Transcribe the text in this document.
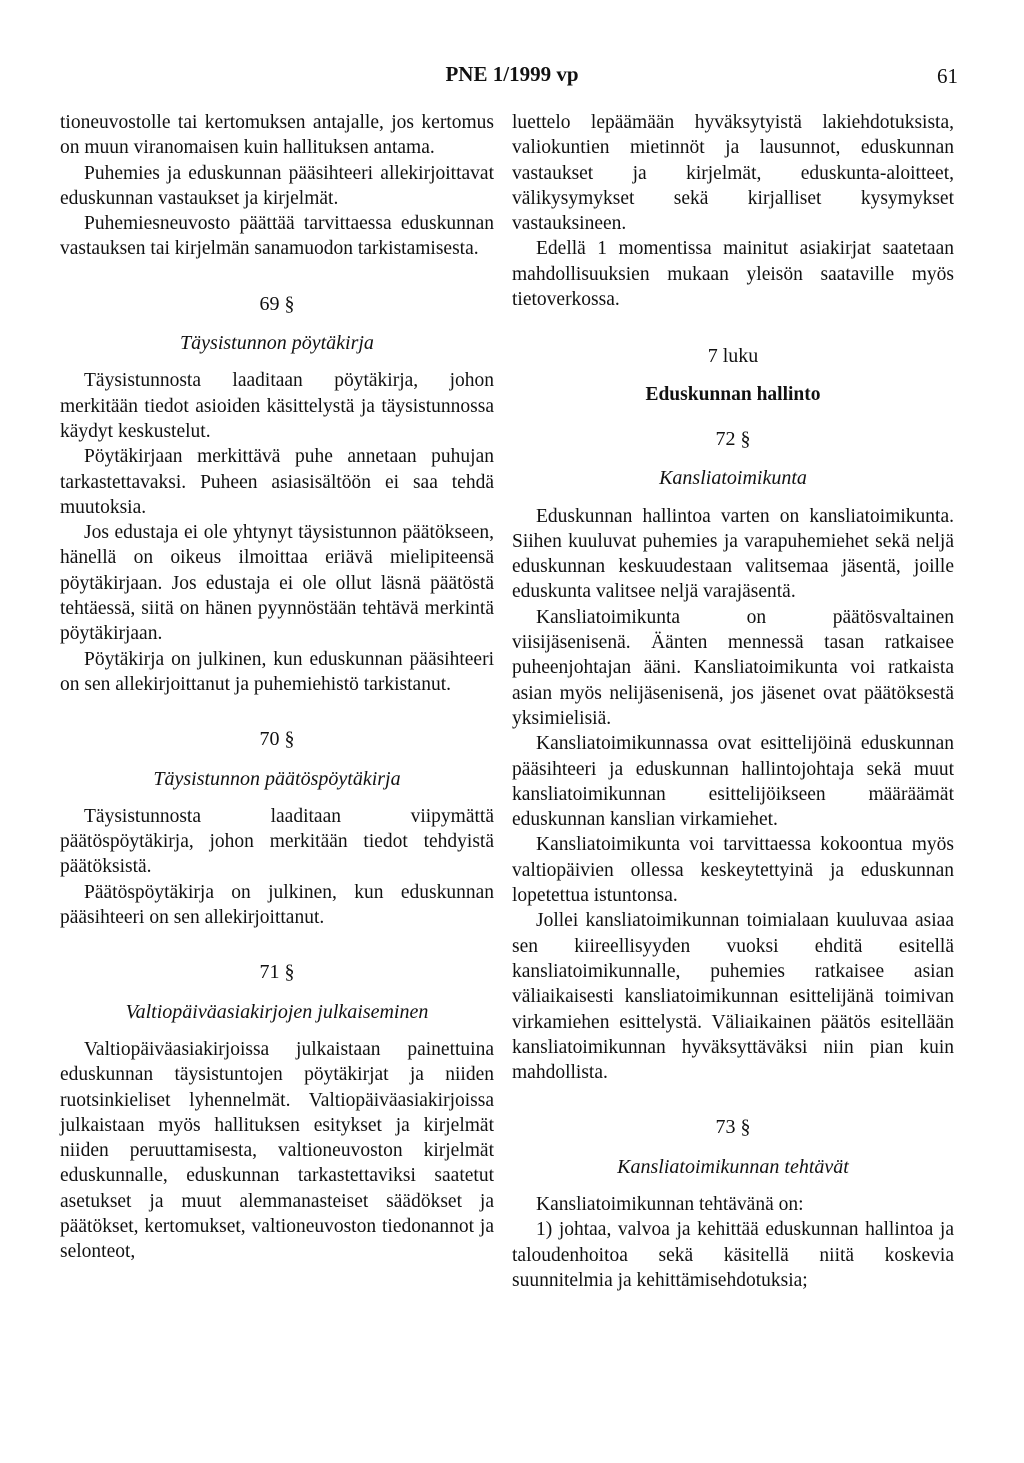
PNE 1/1999 vp	61

tioneuvostolle tai kertomuksen antajalle, jos kertomus on muun viranomaisen kuin hallituksen antama.

Puhemies ja eduskunnan pääsihteeri allekirjoittavat eduskunnan vastaukset ja kirjelmät.

Puhemiesneuvosto päättää tarvittaessa eduskunnan vastauksen tai kirjelmän sanamuodon tarkistamisesta.

69 §
Täysistunnon pöytäkirja

Täysistunnosta laaditaan pöytäkirja, johon merkitään tiedot asioiden käsittelystä ja täysistunnossa käydyt keskustelut.

Pöytäkirjaan merkittävä puhe annetaan puhujan tarkastettavaksi. Puheen asiasisältöön ei saa tehdä muutoksia.

Jos edustaja ei ole yhtynyt täysistunnon päätökseen, hänellä on oikeus ilmoittaa eriävä mielipiteensä pöytäkirjaan. Jos edustaja ei ole ollut läsnä päätöstä tehtäessä, siitä on hänen pyynnöstään tehtävä merkintä pöytäkirjaan.

Pöytäkirja on julkinen, kun eduskunnan pääsihteeri on sen allekirjoittanut ja puhemiehistö tarkistanut.

70 §
Täysistunnon päätöspöytäkirja

Täysistunnosta laaditaan viipymättä päätöspöytäkirja, johon merkitään tiedot tehdyistä päätöksistä.

Päätöspöytäkirja on julkinen, kun eduskunnan pääsihteeri on sen allekirjoittanut.

71 §
Valtiopäiväasiakirjojen julkaiseminen

Valtiopäiväasiakirjoissa julkaistaan painettuina eduskunnan täysistuntojen pöytäkirjat ja niiden ruotsinkieliset lyhennelmät. Valtiopäiväasiakirjoissa julkaistaan myös hallituksen esitykset ja kirjelmät niiden peruuttamisesta, valtioneuvoston kirjelmät eduskunnalle, eduskunnan tarkastettaviksi saatetut asetukset ja muut alemmanasteiset säädökset ja päätökset, kertomukset, valtioneuvoston tiedonannot ja selonteot,

luettelo lepäämään hyväksytyistä lakiehdotuksista, valiokuntien mietinnöt ja lausunnot, eduskunnan vastaukset ja kirjelmät, eduskunta-aloitteet, välikysymykset sekä kirjalliset kysymykset vastauksineen.

Edellä 1 momentissa mainitut asiakirjat saatetaan mahdollisuuksien mukaan yleisön saataville myös tietoverkossa.

7 luku
Eduskunnan hallinto
72 §
Kansliatoimikunta

Eduskunnan hallintoa varten on kansliatoimikunta. Siihen kuuluvat puhemies ja varapuhemiehet sekä neljä eduskunnan keskuudestaan valitsemaa jäsentä, joille eduskunta valitsee neljä varajäsentä.

Kansliatoimikunta on päätösvaltainen viisijäsenisenä. Äänten mennessä tasan ratkaisee puheenjohtajan ääni. Kansliatoimikunta voi ratkaista asian myös nelijäsenisenä, jos jäsenet ovat päätöksestä yksimielisiä.

Kansliatoimikunnassa ovat esittelijöinä eduskunnan pääsihteeri ja eduskunnan hallintojohtaja sekä muut kansliatoimikunnan esittelijöikseen määräämät eduskunnan kanslian virkamiehet.

Kansliatoimikunta voi tarvittaessa kokoontua myös valtiopäivien ollessa keskeytettyinä ja eduskunnan lopetettua istuntonsa.

Jollei kansliatoimikunnan toimialaan kuuluvaa asiaa sen kiireellisyyden vuoksi ehditä esitellä kansliatoimikunnalle, puhemies ratkaisee asian väliaikaisesti kansliatoimikunnan esittelijänä toimivan virkamiehen esittelystä. Väliaikainen päätös esitellään kansliatoimikunnan hyväksyttäväksi niin pian kuin mahdollista.

73 §
Kansliatoimikunnan tehtävät

Kansliatoimikunnan tehtävänä on:

1) johtaa, valvoa ja kehittää eduskunnan hallintoa ja taloudenhoitoa sekä käsitellä niitä koskevia suunnitelmia ja kehittämisehdotuksia;
